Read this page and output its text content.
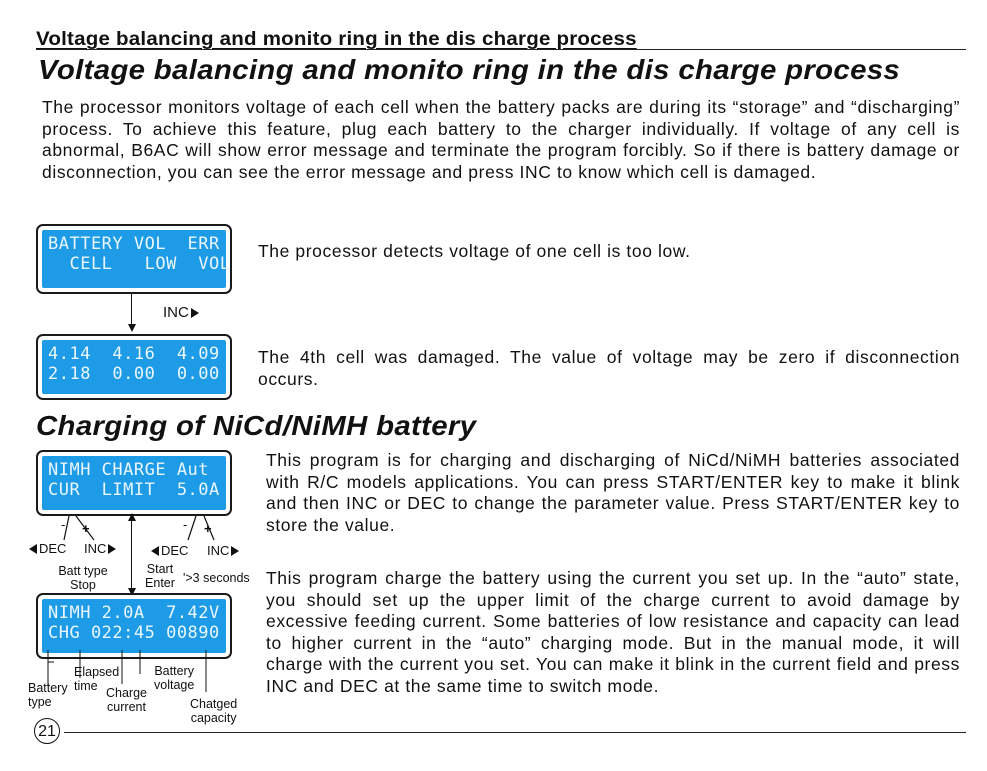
Voltage balancing and monito ring in the dis charge process
Voltage balancing and monito ring in the dis charge process
The processor monitors voltage of each cell when the battery packs are during its “storage” and “discharging” process. To achieve this feature, plug each battery to the charger individually. If voltage of any cell is abnormal, B6AC will show error message and terminate the program forcibly. So if there is battery damage or disconnection, you can see the error message and press INC to know which cell is damaged.
BATTERY VOL  ERR
CELL   LOW  VOL
The processor detects voltage of one cell is too low.
INC
4.14  4.16  4.09
2.18  0.00  0.00
The 4th cell was damaged. The value of voltage may be zero if disconnection occurs.
Charging of NiCd/NiMH battery
NIMH CHARGE Aut
CUR  LIMIT  5.0A
This program is for charging and discharging of NiCd/NiMH batteries associated with R/C models applications. You can press START/ENTER key to make it blink and then INC or DEC to change the parameter value. Press START/ENTER key to store the value.
- +	- +
DEC INC	DEC INC
Batt type
Stop
Start
Enter '>3 seconds
NIMH 2.0A  7.42V
CHG 022:45 00890
This program charge the battery using the current you set up. In the “auto” state, you should set up the upper limit of the charge current to avoid damage by excessive feeding current. Some batteries of low resistance and capacity can lead to higher current in the “auto” charging mode. But in the manual mode, it will charge with the current you set. You can make it blink in the current field and press INC and DEC at the same time to switch mode.
Battery
type
Elapsed
time Charge
current
Battery
voltage
Chatged
capacity
21
